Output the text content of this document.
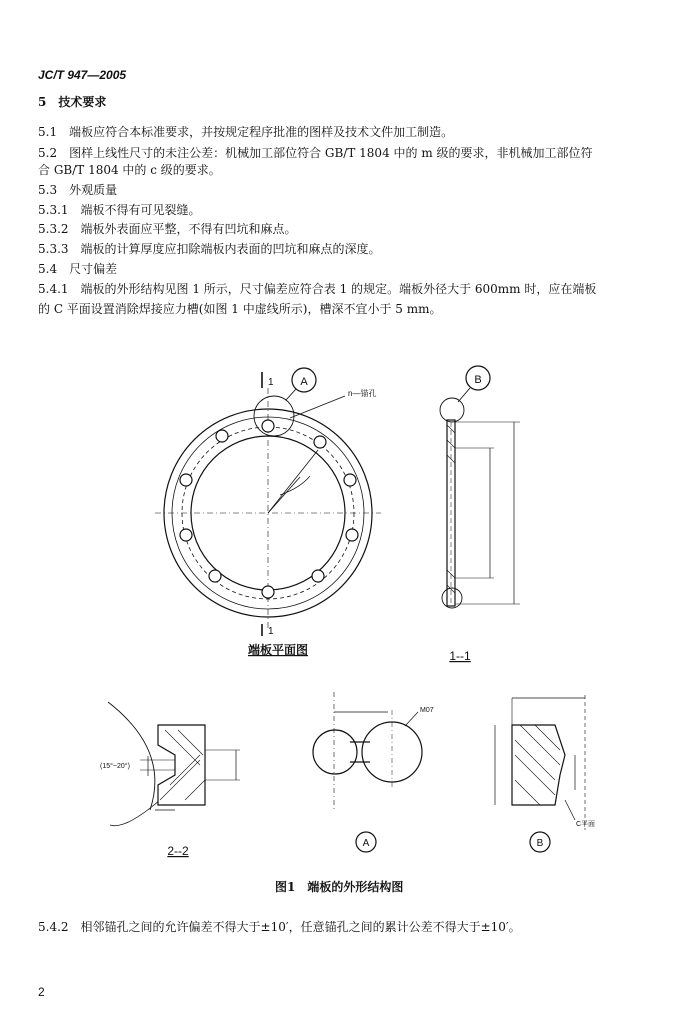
JC/T 947—2005
5　技术要求
5.1　端板应符合本标准要求，并按规定程序批准的图样及技术文件加工制造。
5.2　图样上线性尺寸的未注公差：机械加工部位符合 GB/T 1804 中的 m 级的要求，非机械加工部位符
合 GB/T 1804 中的 c 级的要求。
5.3　外观质量
5.3.1　端板不得有可见裂缝。
5.3.2　端板外表面应平整，不得有凹坑和麻点。
5.3.3　端板的计算厚度应扣除端板内表面的凹坑和麻点的深度。
5.4　尺寸偏差
5.4.1　端板的外形结构见图 1 所示，尺寸偏差应符合表 1 的规定。端板外径大于 600mm 时，应在端板
的 C 平面设置消除焊接应力槽(如图 1 中虚线所示)，槽深不宜小于 5 mm。
A
n—锚孔
1
1
端板平面图
B
1--1
(15°~20°)
2--2
M07
A
C平面
B
图1　端板的外形结构图
5.4.2　相邻锚孔之间的允许偏差不得大于±10′，任意锚孔之间的累计公差不得大于±10′。
2
